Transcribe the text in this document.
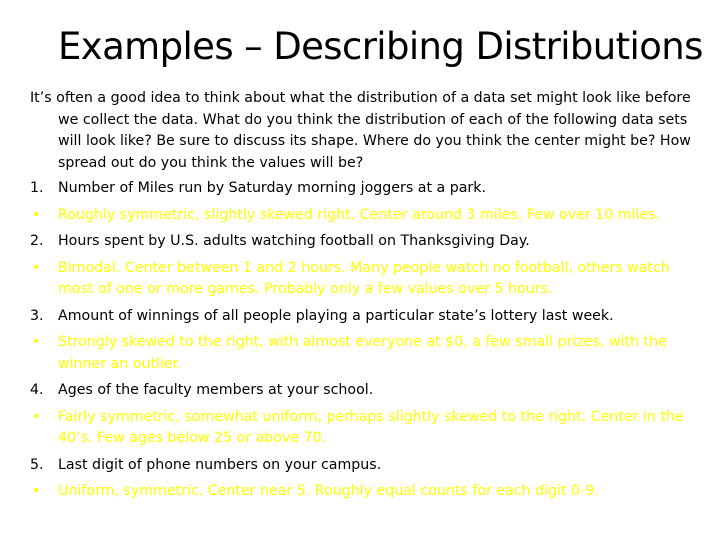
Examples – Describing Distributions
It’s often a good idea to think about what the distribution of a data set might look like before we collect the data. What do you think the distribution of each of the following data sets will look like? Be sure to discuss its shape. Where do you think the center might be? How spread out do you think the values will be?
1.	Number of Miles run by Saturday morning joggers at a park.
•	Roughly symmetric, slightly skewed right. Center around 3 miles. Few over 10 miles.
2.	Hours spent by U.S. adults watching football on Thanksgiving Day.
•	Bimodal. Center between 1 and 2 hours. Many people watch no football, others watch most of one or more games. Probably only a few values over 5 hours.
3.	Amount of winnings of all people playing a particular state’s lottery last week.
•	Strongly skewed to the right, with almost everyone at $0, a few small prizes, with the winner an outlier.
4.	Ages of the faculty members at your school.
•	Fairly symmetric, somewhat uniform, perhaps slightly skewed to the right. Center in the 40’s. Few ages below 25 or above 70.
5.	Last digit of phone numbers on your campus.
•	Uniform, symmetric. Center near 5. Roughly equal counts for each digit 0-9.
